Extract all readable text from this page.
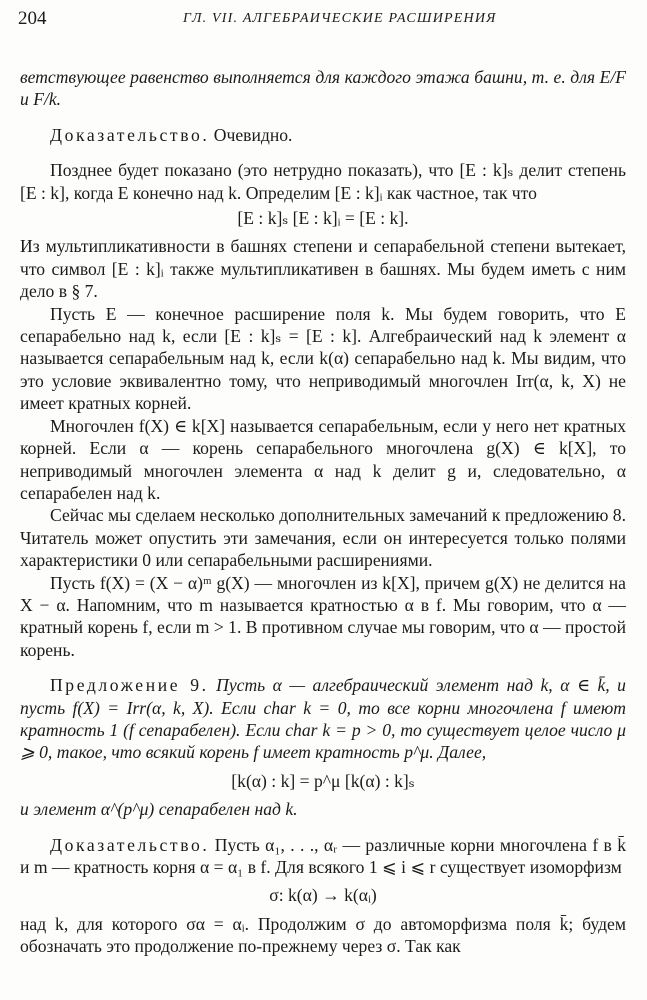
204	ГЛ. VII. АЛГЕБРАИЧЕСКИЕ РАСШИРЕНИЯ

ветствующее равенство выполняется для каждого этажа башни, т. е. для E/F и F/k.

Доказательство. Очевидно.

Позднее будет показано (это нетрудно показать), что [E : k]ₛ делит степень [E : k], когда E конечно над k. Определим [E : k]ᵢ как частное, так что

[E : k]ₛ [E : k]ᵢ = [E : k].

Из мультипликативности в башнях степени и сепарабельной степени вытекает, что символ [E : k]ᵢ также мультипликативен в башнях. Мы будем иметь с ним дело в § 7.

Пусть E — конечное расширение поля k. Мы будем говорить, что E сепарабельно над k, если [E : k]ₛ = [E : k]. Алгебраический над k элемент α называется сепарабельным над k, если k(α) сепарабельно над k. Мы видим, что это условие эквивалентно тому, что неприводимый многочлен Irr(α, k, X) не имеет кратных корней.

Многочлен f(X) ∈ k[X] называется сепарабельным, если у него нет кратных корней. Если α — корень сепарабельного многочлена g(X) ∈ k[X], то неприводимый многочлен элемента α над k делит g и, следовательно, α сепарабелен над k.

Сейчас мы сделаем несколько дополнительных замечаний к предложению 8. Читатель может опустить эти замечания, если он интересуется только полями характеристики 0 или сепарабельными расширениями.

Пусть f(X) = (X − α)ᵐ g(X) — многочлен из k[X], причем g(X) не делится на X − α. Напомним, что m называется кратностью α в f. Мы говорим, что α — кратный корень f, если m > 1. В противном случае мы говорим, что α — простой корень.

Предложение 9. Пусть α — алгебраический элемент над k, α ∈ k̄, и пусть f(X) = Irr(α, k, X). Если char k = 0, то все корни многочлена f имеют кратность 1 (f сепарабелен). Если char k = p > 0, то существует целое число μ ⩾ 0, такое, что всякий корень f имеет кратность p^μ. Далее,

[k(α) : k] = p^μ [k(α) : k]ₛ

и элемент α^(p^μ) сепарабелен над k.

Доказательство. Пусть α₁, . . ., αᵣ — различные корни многочлена f в k̄ и m — кратность корня α = α₁ в f. Для всякого 1 ⩽ i ⩽ r существует изоморфизм

σ: k(α) → k(αᵢ)

над k, для которого σα = αᵢ. Продолжим σ до автоморфизма поля k̄; будем обозначать это продолжение по-прежнему через σ. Так как
